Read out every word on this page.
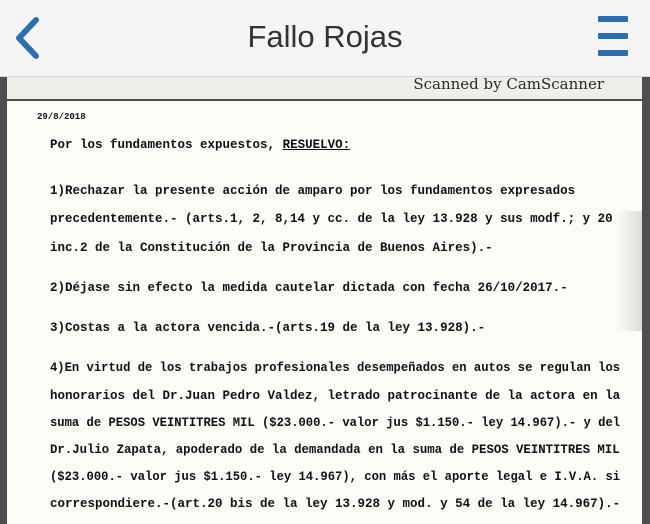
Fallo Rojas
Scanned by CamScanner
29/8/2018
Por los fundamentos expuestos, RESUELVO:
1)Rechazar la presente acción de amparo por los fundamentos expresados
precedentemente.- (arts.1, 2, 8,14 y cc. de la ley 13.928 y sus modf.; y 20
inc.2 de la Constitución de la Provincia de Buenos Aires).-
2)Déjase sin efecto la medida cautelar dictada con fecha 26/10/2017.-
3)Costas a la actora vencida.-(arts.19 de la ley 13.928).-
4)En virtud de los trabajos profesionales desempeñados en autos se regulan los
honorarios del Dr.Juan Pedro Valdez, letrado patrocinante de la actora en la
suma de PESOS VEINTITRES MIL ($23.000.- valor jus $1.150.- ley 14.967).- y del
Dr.Julio Zapata, apoderado de la demandada en la suma de PESOS VEINTITRES MIL
($23.000.- valor jus $1.150.- ley 14.967), con más el aporte legal e I.V.A. si
correspondiere.-(art.20 bis de la ley 13.928 y mod. y 54 de la ley 14.967).-
